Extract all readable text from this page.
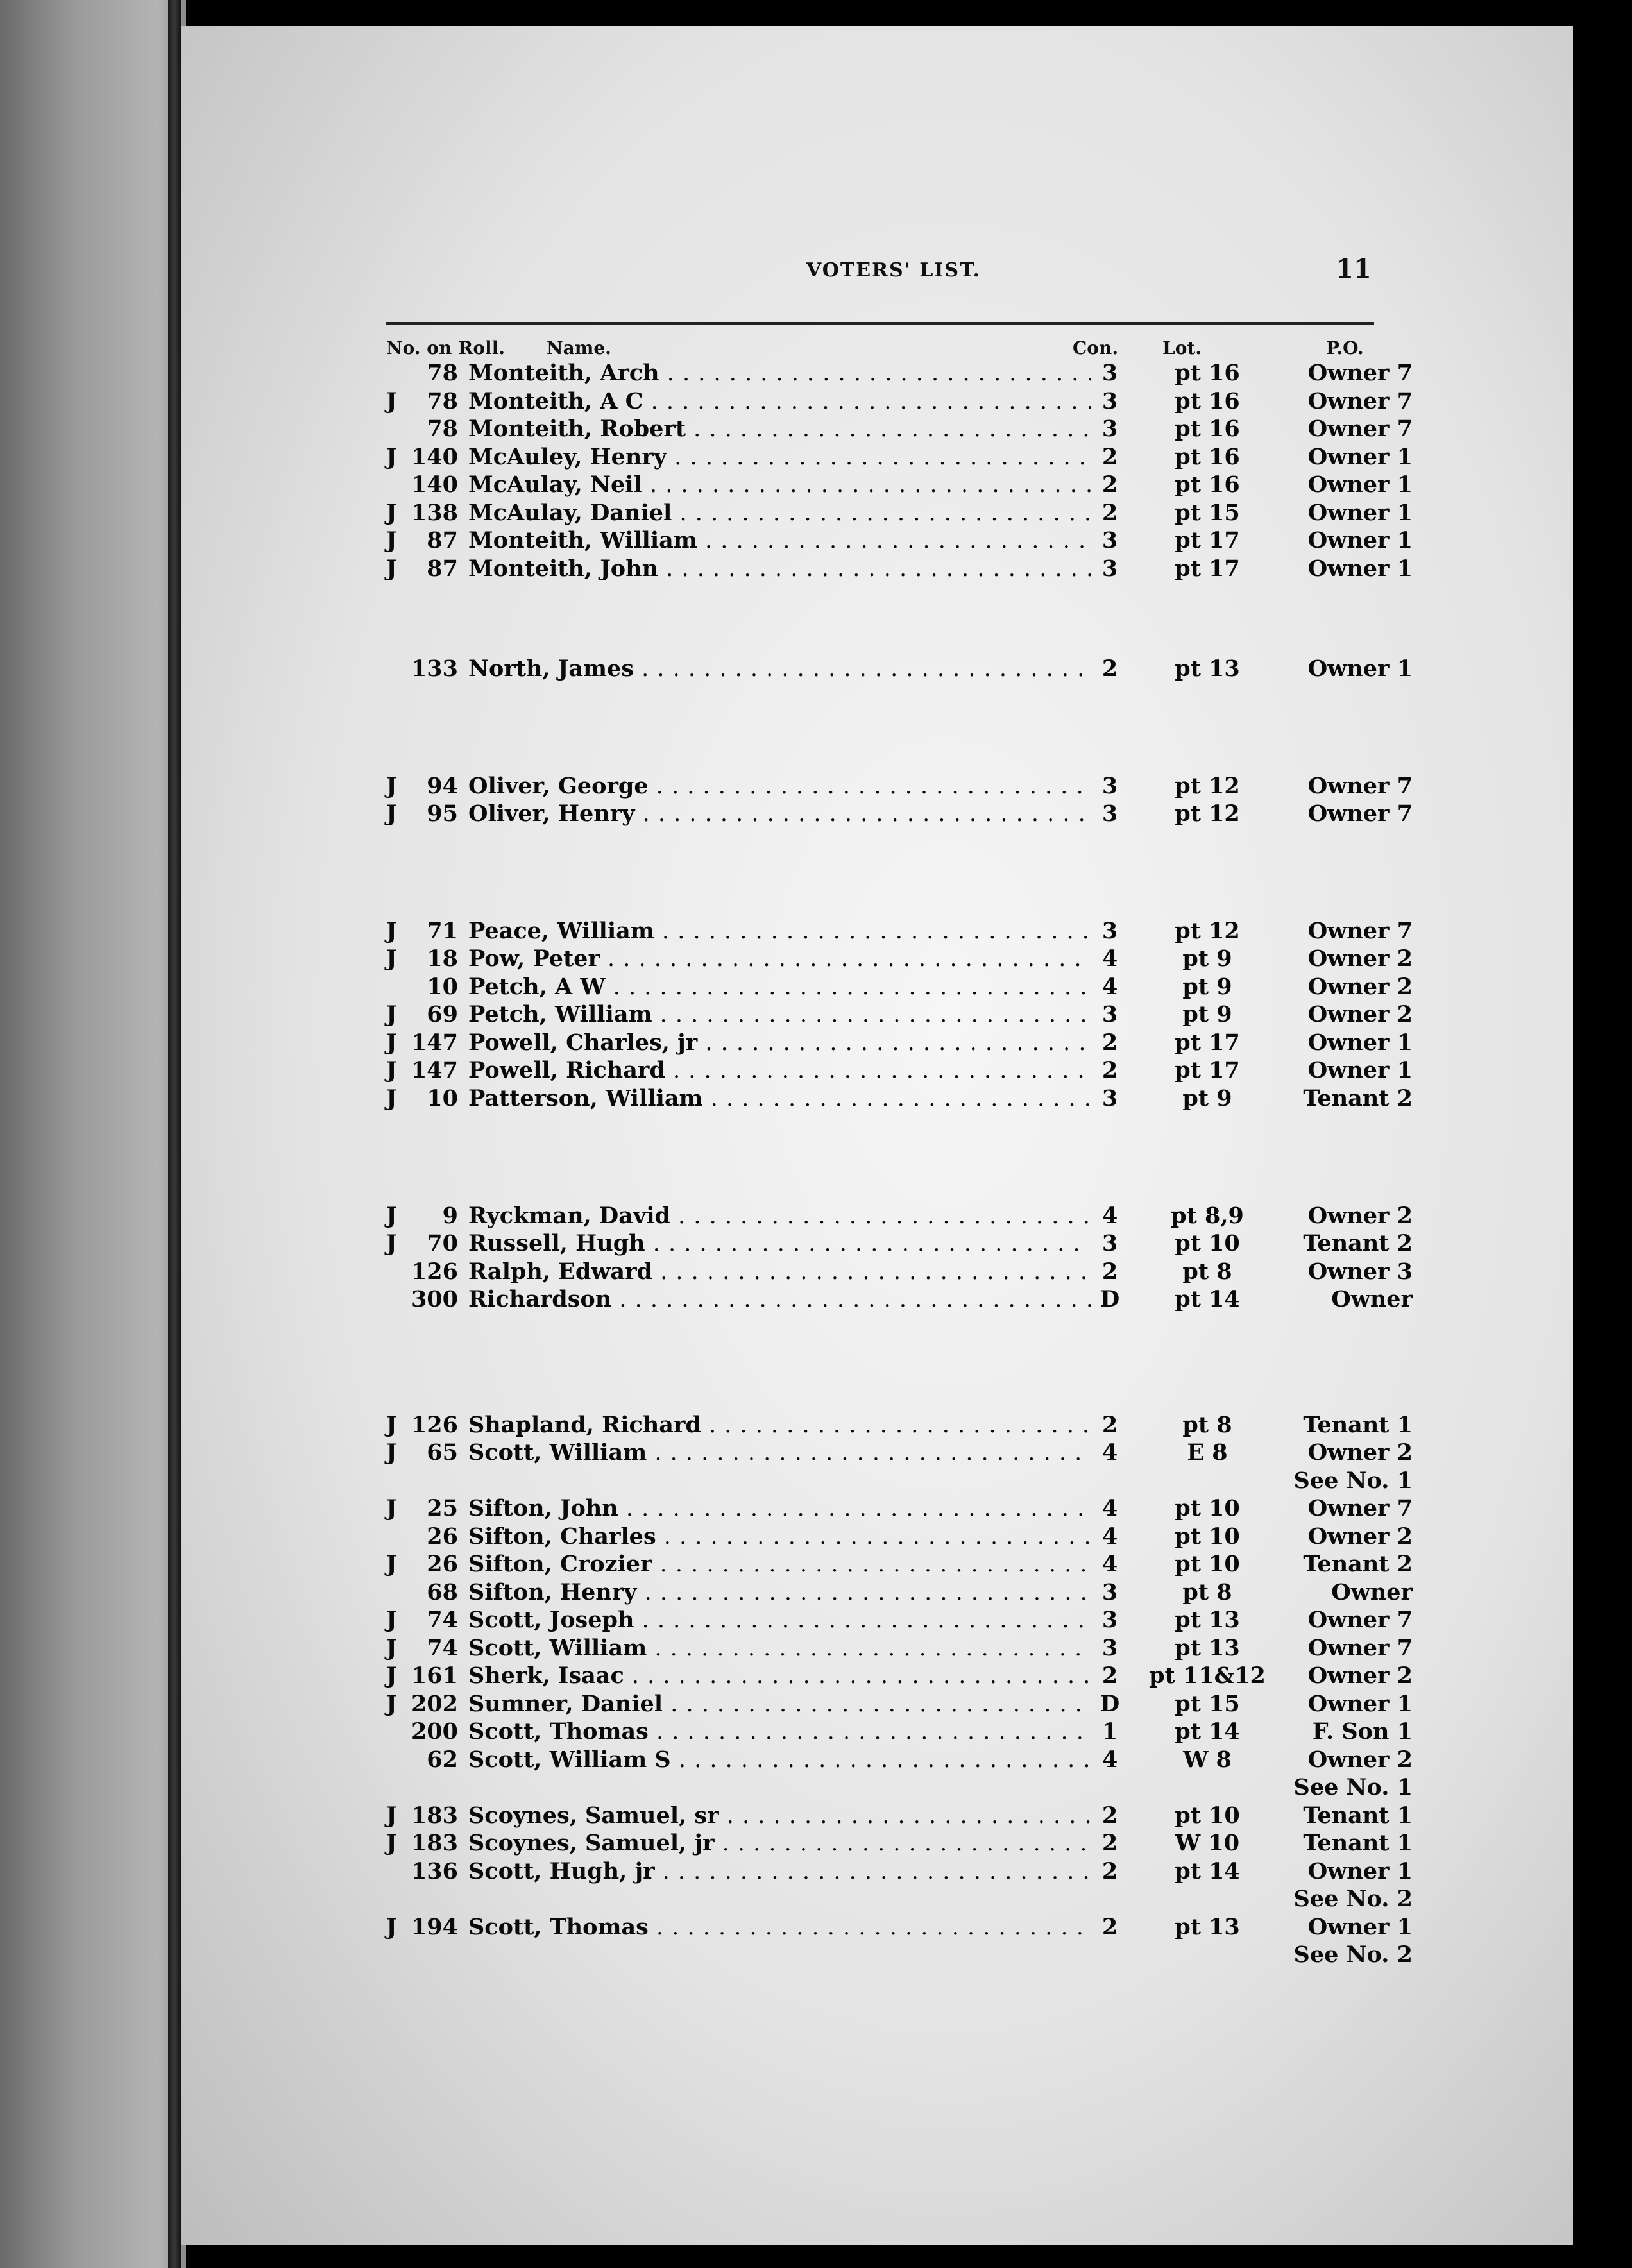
VOTERS' LIST.	11
No. on Roll. Name.	Con. Lot.	P.O.
78 Monteith, Arch . . .	3	pt 16	Owner 7
J	78 Monteith, A C . . .	3	pt 16	Owner 7
78 Monteith, Robert . . .	3	pt 16	Owner 7
J 140 McAuley, Henry . . .	2	pt 16	Owner 1
140 McAulay, Neil . . .	2	pt 16	Owner 1
J 138 McAulay, Daniel . . .	2	pt 15	Owner 1
J	87 Monteith, William . . .	3	pt 17	Owner 1
J	87 Monteith, John . . .	3	pt 17	Owner 1
133 North, James . . .	2	pt 13	Owner 1
J	94 Oliver, George . . .	3	pt 12	Owner 7
J	95 Oliver, Henry . . .	3	pt 12	Owner 7
J	71 Peace, William . . .	3	pt 12	Owner 7
J	18 Pow, Peter . . .	4	pt 9	Owner 2
10 Petch, A W . . .	4	pt 9	Owner 2
J	69 Petch, William . . .	3	pt 9	Owner 2
J 147 Powell, Charles, jr . . .	2	pt 17	Owner 1
J 147 Powell, Richard . . .	2	pt 17	Owner 1
J	10 Patterson, William . . .	3	pt 9	Tenant 2
J	9 Ryckman, David . . .	4	pt 8,9	Owner 2
J	70 Russell, Hugh . . .	3	pt 10	Tenant 2
126 Ralph, Edward . . .	2	pt 8	Owner 3
300 Richardson . . .	D	pt 14	Owner
J 126 Shapland, Richard . . .	2	pt 8	Tenant 1
J	65 Scott, William . . .	4	E 8	Owner 2
See No. 1
J	25 Sifton, John . . .	4	pt 10	Owner 7
26 Sifton, Charles . . .	4	pt 10	Owner 2
J	26 Sifton, Crozier . . .	4	pt 10	Tenant 2
68 Sifton, Henry . . .	3	pt 8	Owner
J	74 Scott, Joseph . . .	3	pt 13	Owner 7
J	74 Scott, William . . .	3	pt 13	Owner 7
J 161 Sherk, Isaac . . .	2	pt 11&12	Owner 2
J 202 Sumner, Daniel . . .	D	pt 15	Owner 1
200 Scott, Thomas . . .	1	pt 14	F. Son 1
62 Scott, William S . . .	4	W 8	Owner 2
See No. 1
J 183 Scoynes, Samuel, sr . . .	2	pt 10	Tenant 1
J 183 Scoynes, Samuel, jr . . .	2	W 10	Tenant 1
136 Scott, Hugh, jr . . .	2	pt 14	Owner 1
See No. 2
J 194 Scott, Thomas . . .	2	pt 13	Owner 1
See No. 2
